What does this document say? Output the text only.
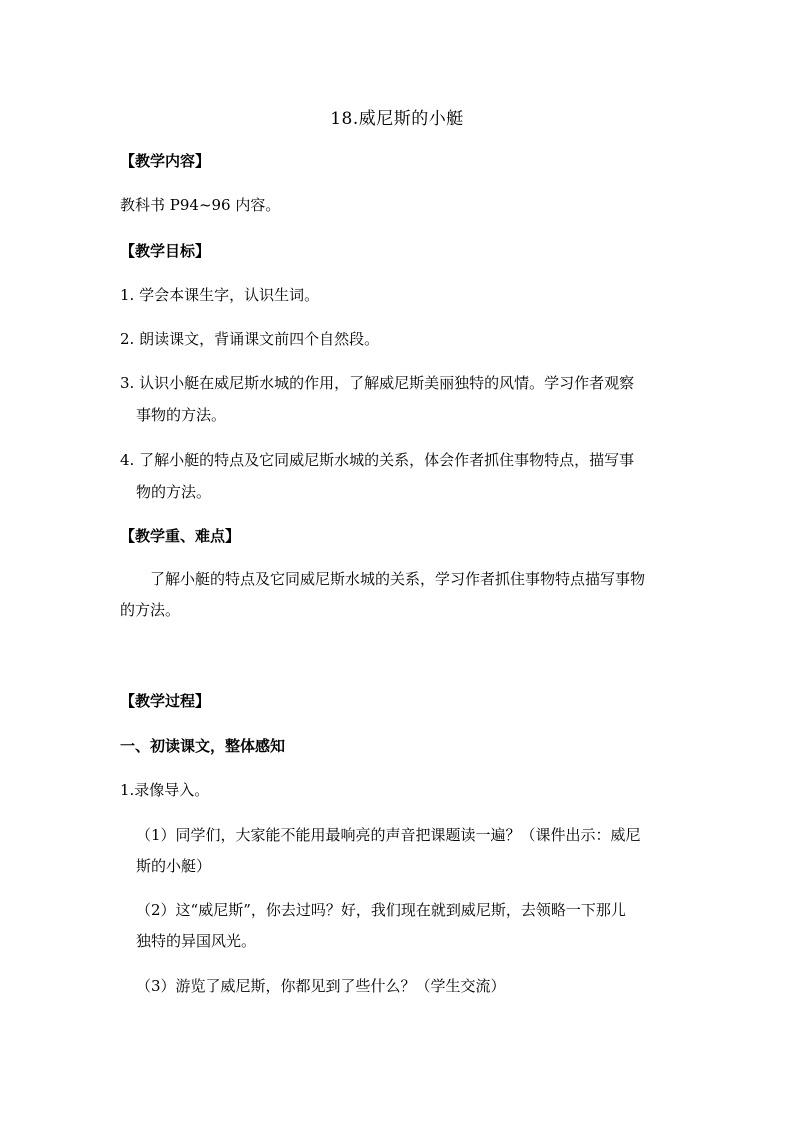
18.威尼斯的小艇
【教学内容】
教科书 P94~96 内容。
【教学目标】
1. 学会本课生字，认识生词。
2. 朗读课文，背诵课文前四个自然段。
3. 认识小艇在威尼斯水城的作用，了解威尼斯美丽独特的风情。学习作者观察
事物的方法。
4. 了解小艇的特点及它同威尼斯水城的关系，体会作者抓住事物特点，描写事
物的方法。
【教学重、难点】
了解小艇的特点及它同威尼斯水城的关系，学习作者抓住事物特点描写事物
的方法。
【教学过程】
一、初读课文，整体感知
1.录像导入。
（1）同学们，大家能不能用最响亮的声音把课题读一遍？（课件出示：威尼
斯的小艇）
（2）这“威尼斯”，你去过吗？好，我们现在就到威尼斯，去领略一下那儿
独特的异国风光。
（3）游览了威尼斯，你都见到了些什么？（学生交流）
